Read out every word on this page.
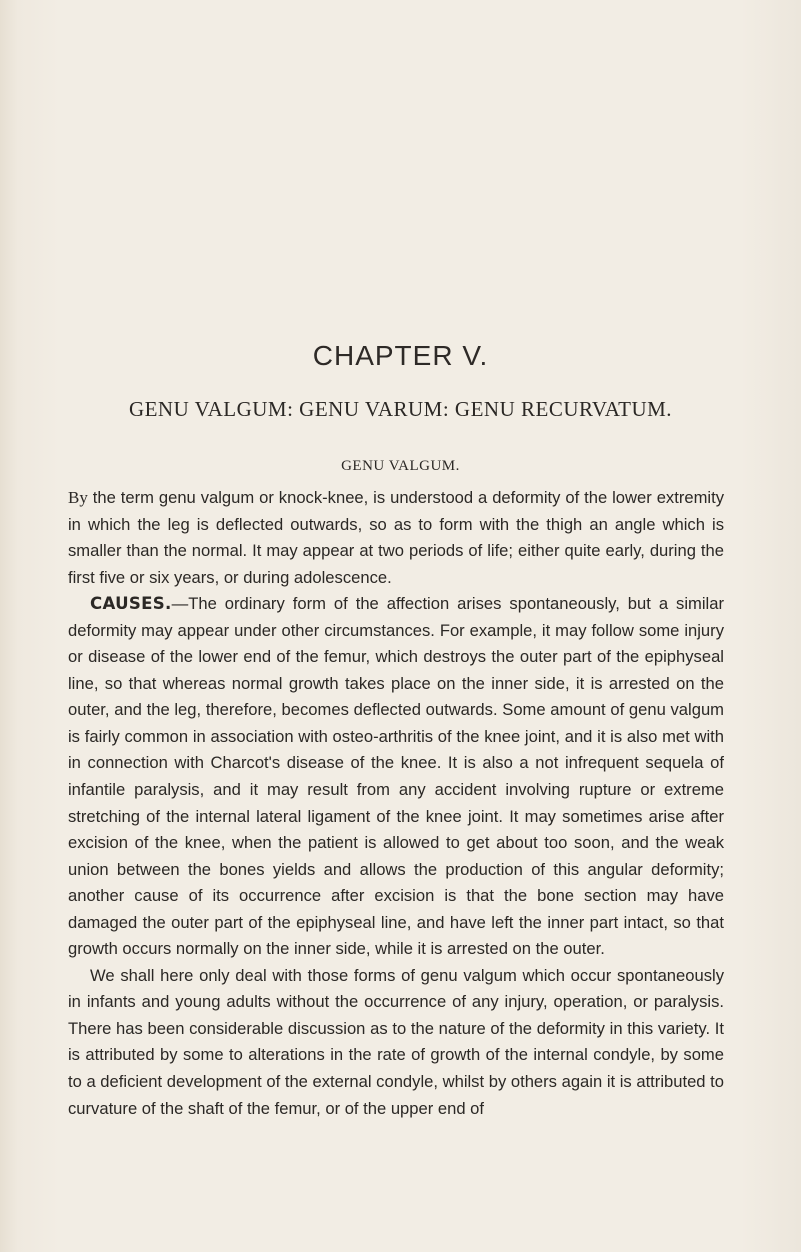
CHAPTER V.
GENU VALGUM: GENU VARUM: GENU RECURVATUM.
GENU VALGUM.

By the term genu valgum or knock-knee, is understood a deformity of the lower extremity in which the leg is deflected outwards, so as to form with the thigh an angle which is smaller than the normal. It may appear at two periods of life; either quite early, during the first five or six years, or during adolescence.

CAUSES.—The ordinary form of the affection arises spontaneously, but a similar deformity may appear under other circumstances. For example, it may follow some injury or disease of the lower end of the femur, which destroys the outer part of the epiphyseal line, so that whereas normal growth takes place on the inner side, it is arrested on the outer, and the leg, therefore, becomes deflected outwards. Some amount of genu valgum is fairly common in association with osteo-arthritis of the knee joint, and it is also met with in connection with Charcot's disease of the knee. It is also a not infrequent sequela of infantile paralysis, and it may result from any accident involving rupture or extreme stretching of the internal lateral ligament of the knee joint. It may sometimes arise after excision of the knee, when the patient is allowed to get about too soon, and the weak union between the bones yields and allows the production of this angular deformity; another cause of its occurrence after excision is that the bone section may have damaged the outer part of the epiphyseal line, and have left the inner part intact, so that growth occurs normally on the inner side, while it is arrested on the outer.

We shall here only deal with those forms of genu valgum which occur spontaneously in infants and young adults without the occurrence of any injury, operation, or paralysis. There has been considerable discussion as to the nature of the deformity in this variety. It is attributed by some to alterations in the rate of growth of the internal condyle, by some to a deficient development of the external condyle, whilst by others again it is attributed to curvature of the shaft of the femur, or of the upper end of
